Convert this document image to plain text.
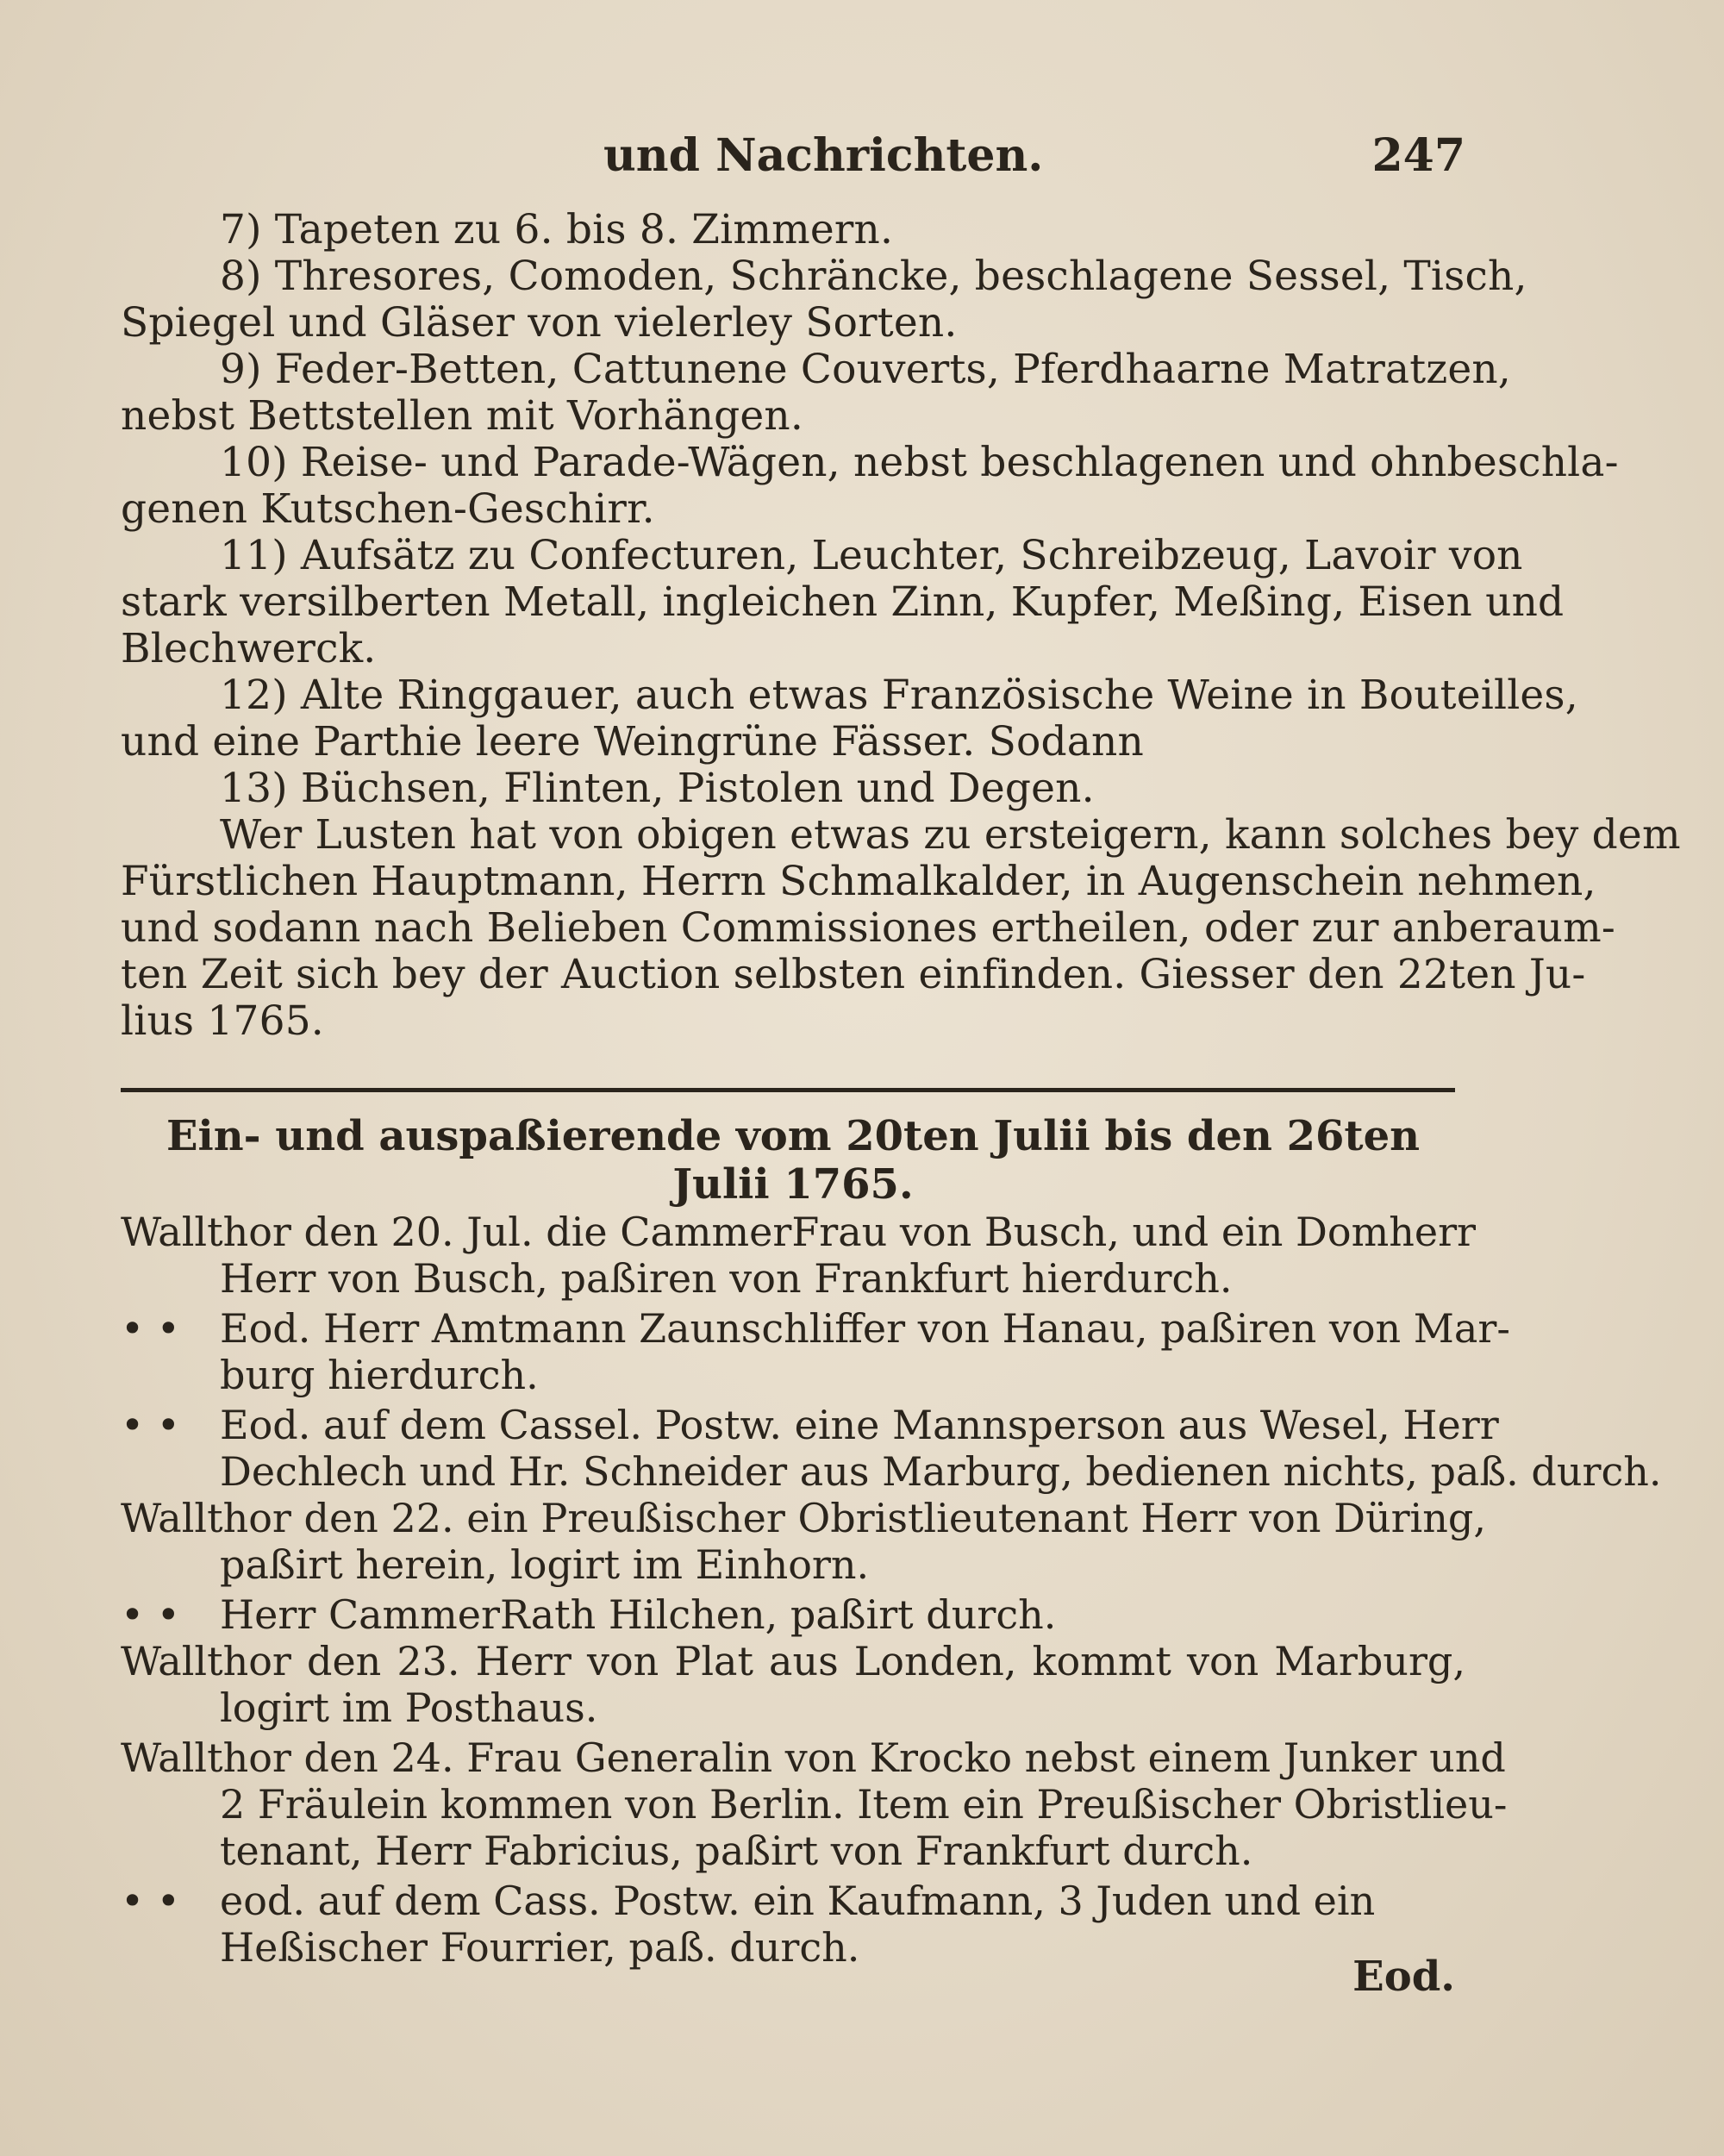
und Nachrichten.	247
7) Tapeten zu 6. bis 8. Zimmern.
8) Thresores, Comoden, Schräncke, beschlagene Sessel, Tisch,
Spiegel und Gläser von vielerley Sorten.
9) Feder-Betten, Cattunene Couverts, Pferdhaarne Matratzen,
nebst Bettstellen mit Vorhängen.
10) Reise- und Parade-Wägen, nebst beschlagenen und ohnbeschla-
genen Kutschen-Geschirr.
11) Aufsätz zu Confecturen, Leuchter, Schreibzeug, Lavoir von
stark versilberten Metall, ingleichen Zinn, Kupfer, Meßing, Eisen und
Blechwerck.
12) Alte Ringgauer, auch etwas Französische Weine in Bouteilles,
und eine Parthie leere Weingrüne Fässer. Sodann
13) Büchsen, Flinten, Pistolen und Degen.
Wer Lusten hat von obigen etwas zu ersteigern, kann solches bey dem
Fürstlichen Hauptmann, Herrn Schmalkalder, in Augenschein nehmen,
und sodann nach Belieben Commissiones ertheilen, oder zur anberaum-
ten Zeit sich bey der Auction selbsten einfinden. Giesser den 22ten Ju-
lius 1765.
Ein- und auspaßierende vom 20ten Julii bis den 26ten
Julii 1765.
Wallthor den 20. Jul. die CammerFrau von Busch, und ein Domherr
Herr von Busch, paßiren von Frankfurt hierdurch.
• • Eod. Herr Amtmann Zaunschliffer von Hanau, paßiren von Mar-
burg hierdurch.
• • Eod. auf dem Cassel. Postw. eine Mannsperson aus Wesel, Herr
Dechlech und Hr. Schneider aus Marburg, bedienen nichts, paß. durch.
Wallthor den 22. ein Preußischer Obristlieutenant Herr von Düring,
paßirt herein, logirt im Einhorn.
• • Herr CammerRath Hilchen, paßirt durch.
Wallthor den 23. Herr von Plat aus Londen, kommt von Marburg,
logirt im Posthaus.
Wallthor den 24. Frau Generalin von Krocko nebst einem Junker und
2 Fräulein kommen von Berlin. Item ein Preußischer Obristlieu-
tenant, Herr Fabricius, paßirt von Frankfurt durch.
• • eod. auf dem Cass. Postw. ein Kaufmann, 3 Juden und ein
Heßischer Fourrier, paß. durch.
Eod.
